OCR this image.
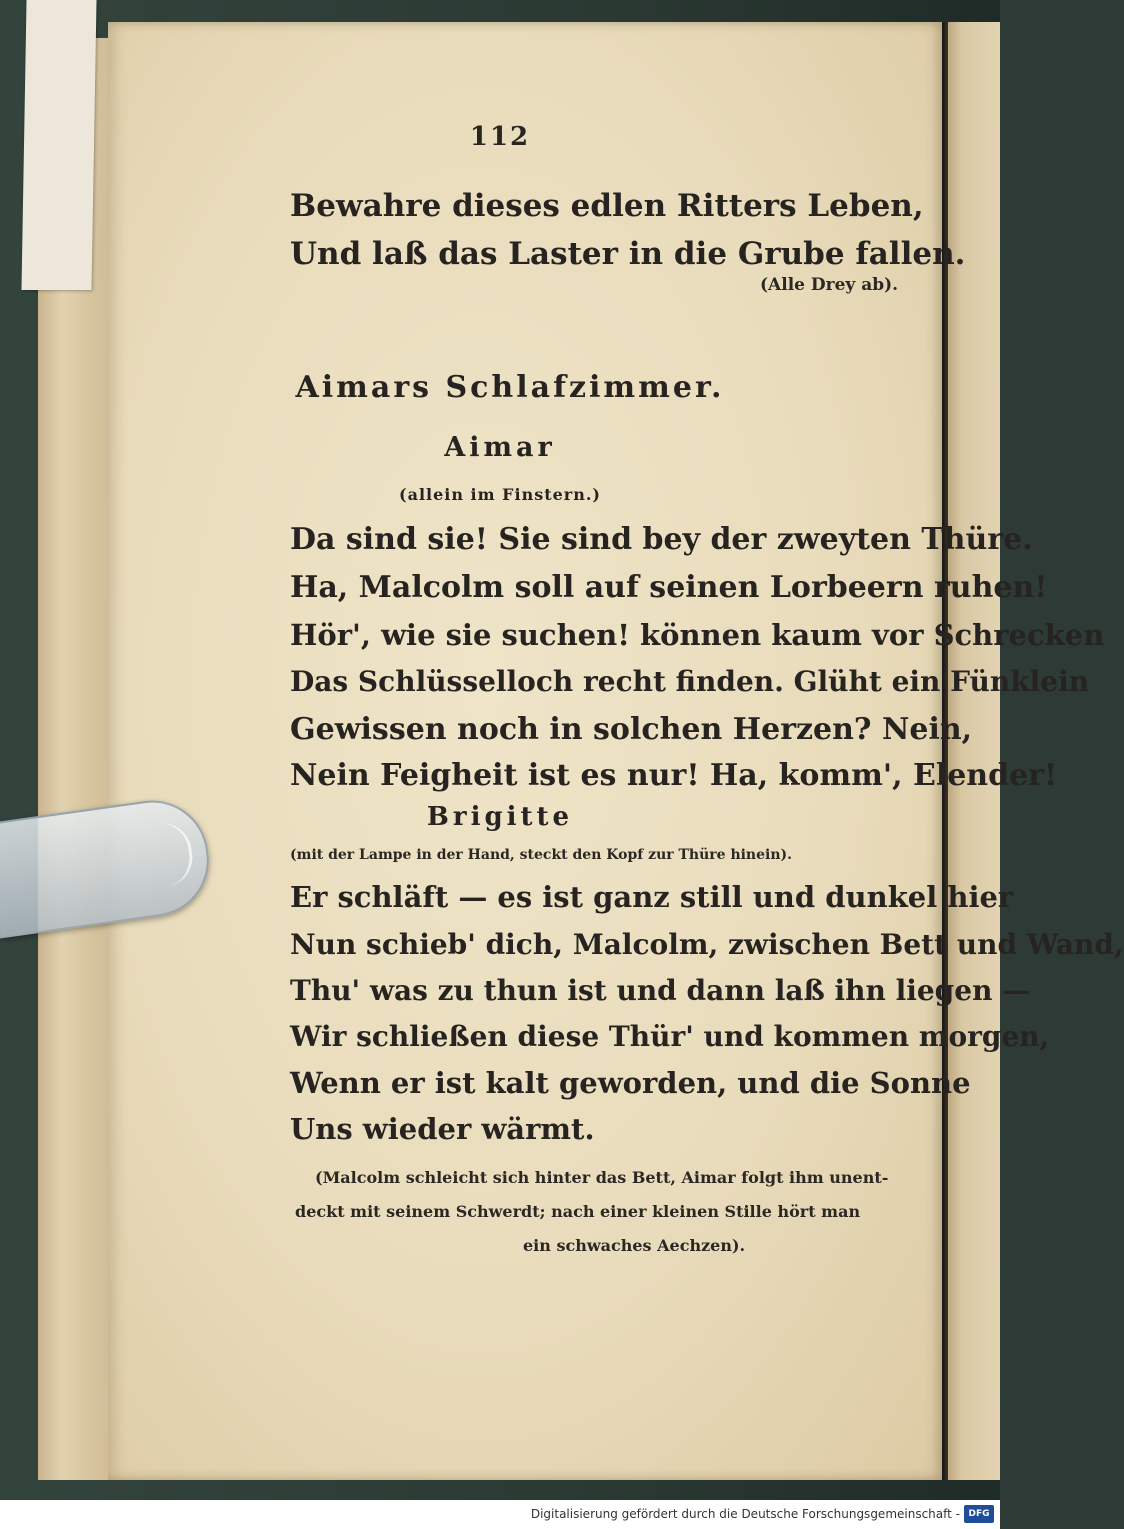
112
Bewahre dieses edlen Ritters Leben,
Und laß das Laster in die Grube fallen.
(Alle Drey ab).
Aimars Schlafzimmer.
Aimar
(allein im Finstern.)
Da sind sie! Sie sind bey der zweyten Thüre.
Ha, Malcolm soll auf seinen Lorbeern ruhen!
Hör', wie sie suchen! können kaum vor Schrecken
Das Schlüsselloch recht finden. Glüht ein Fünklein
Gewissen noch in solchen Herzen? Nein,
Nein Feigheit ist es nur! Ha, komm', Elender!
Brigitte
(mit der Lampe in der Hand, steckt den Kopf zur Thüre hinein).
Er schläft — es ist ganz still und dunkel hier
Nun schieb' dich, Malcolm, zwischen Bett und Wand,
Thu' was zu thun ist und dann laß ihn liegen —
Wir schließen diese Thür' und kommen morgen,
Wenn er ist kalt geworden, und die Sonne
Uns wieder wärmt.
(Malcolm schleicht sich hinter das Bett, Aimar folgt ihm unent-
deckt mit seinem Schwerdt; nach einer kleinen Stille hört man
ein schwaches Aechzen).
Digitalisierung gefördert durch die Deutsche Forschungsgemeinschaft - DFG
